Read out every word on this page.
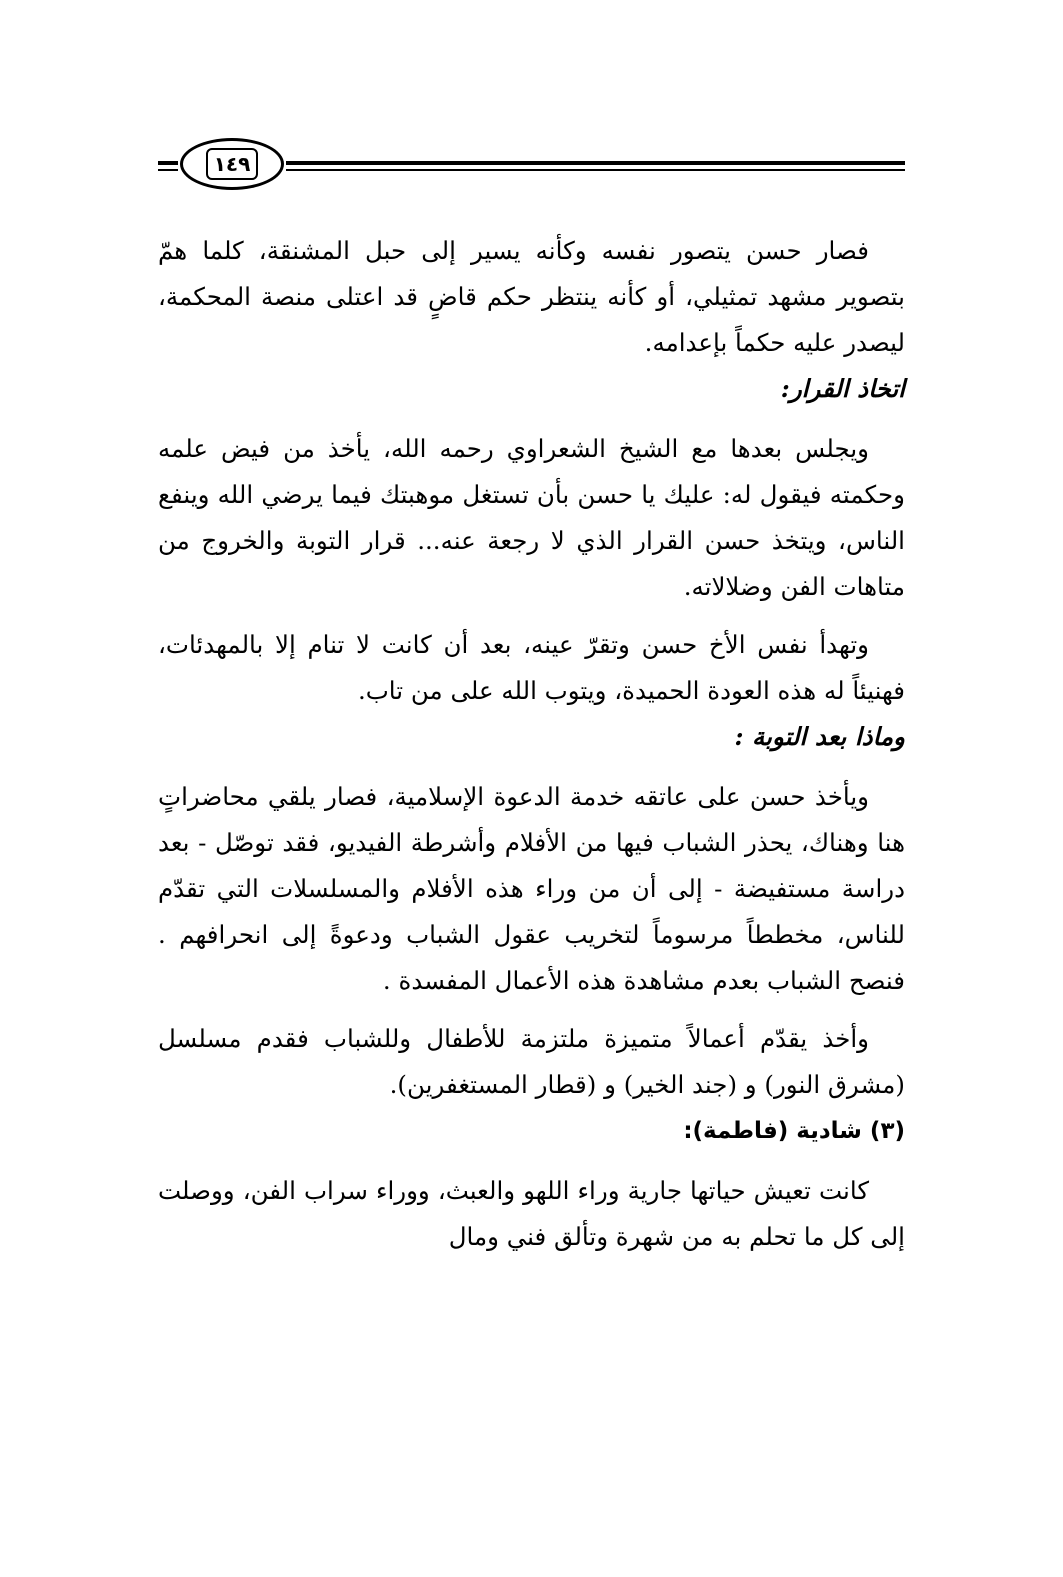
١٤٩

فصار حسن يتصور نفسه وكأنه يسير إلى حبل المشنقة، كلما همّ بتصوير مشهد تمثيلي، أو كأنه ينتظر حكم قاضٍ قد اعتلى منصة المحكمة، ليصدر عليه حكماً بإعدامه.

اتخاذ القرار:

ويجلس بعدها مع الشيخ الشعراوي رحمه الله، يأخذ من فيض علمه وحكمته فيقول له: عليك يا حسن بأن تستغل موهبتك فيما يرضي الله وينفع الناس، ويتخذ حسن القرار الذي لا رجعة عنه... قرار التوبة والخروج من متاهات الفن وضلالاته.

وتهدأ نفس الأخ حسن وتقرّ عينه، بعد أن كانت لا تنام إلا بالمهدئات، فهنيئاً له هذه العودة الحميدة، ويتوب الله على من تاب.

وماذا بعد التوبة :

ويأخذ حسن على عاتقه خدمة الدعوة الإسلامية، فصار يلقي محاضراتٍ هنا وهناك، يحذر الشباب فيها من الأفلام وأشرطة الفيديو، فقد توصّل - بعد دراسة مستفيضة - إلى أن من وراء هذه الأفلام والمسلسلات التي تقدّم للناس، مخططاً مرسوماً لتخريب عقول الشباب ودعوةً إلى انحرافهم . فنصح الشباب بعدم مشاهدة هذه الأعمال المفسدة .

وأخذ يقدّم أعمالاً متميزة ملتزمة للأطفال وللشباب فقدم مسلسل (مشرق النور) و (جند الخير) و (قطار المستغفرين).

(٣) شادية (فاطمة):

كانت تعيش حياتها جارية وراء اللهو والعبث، ووراء سراب الفن، ووصلت إلى كل ما تحلم به من شهرة وتألق فني ومال
